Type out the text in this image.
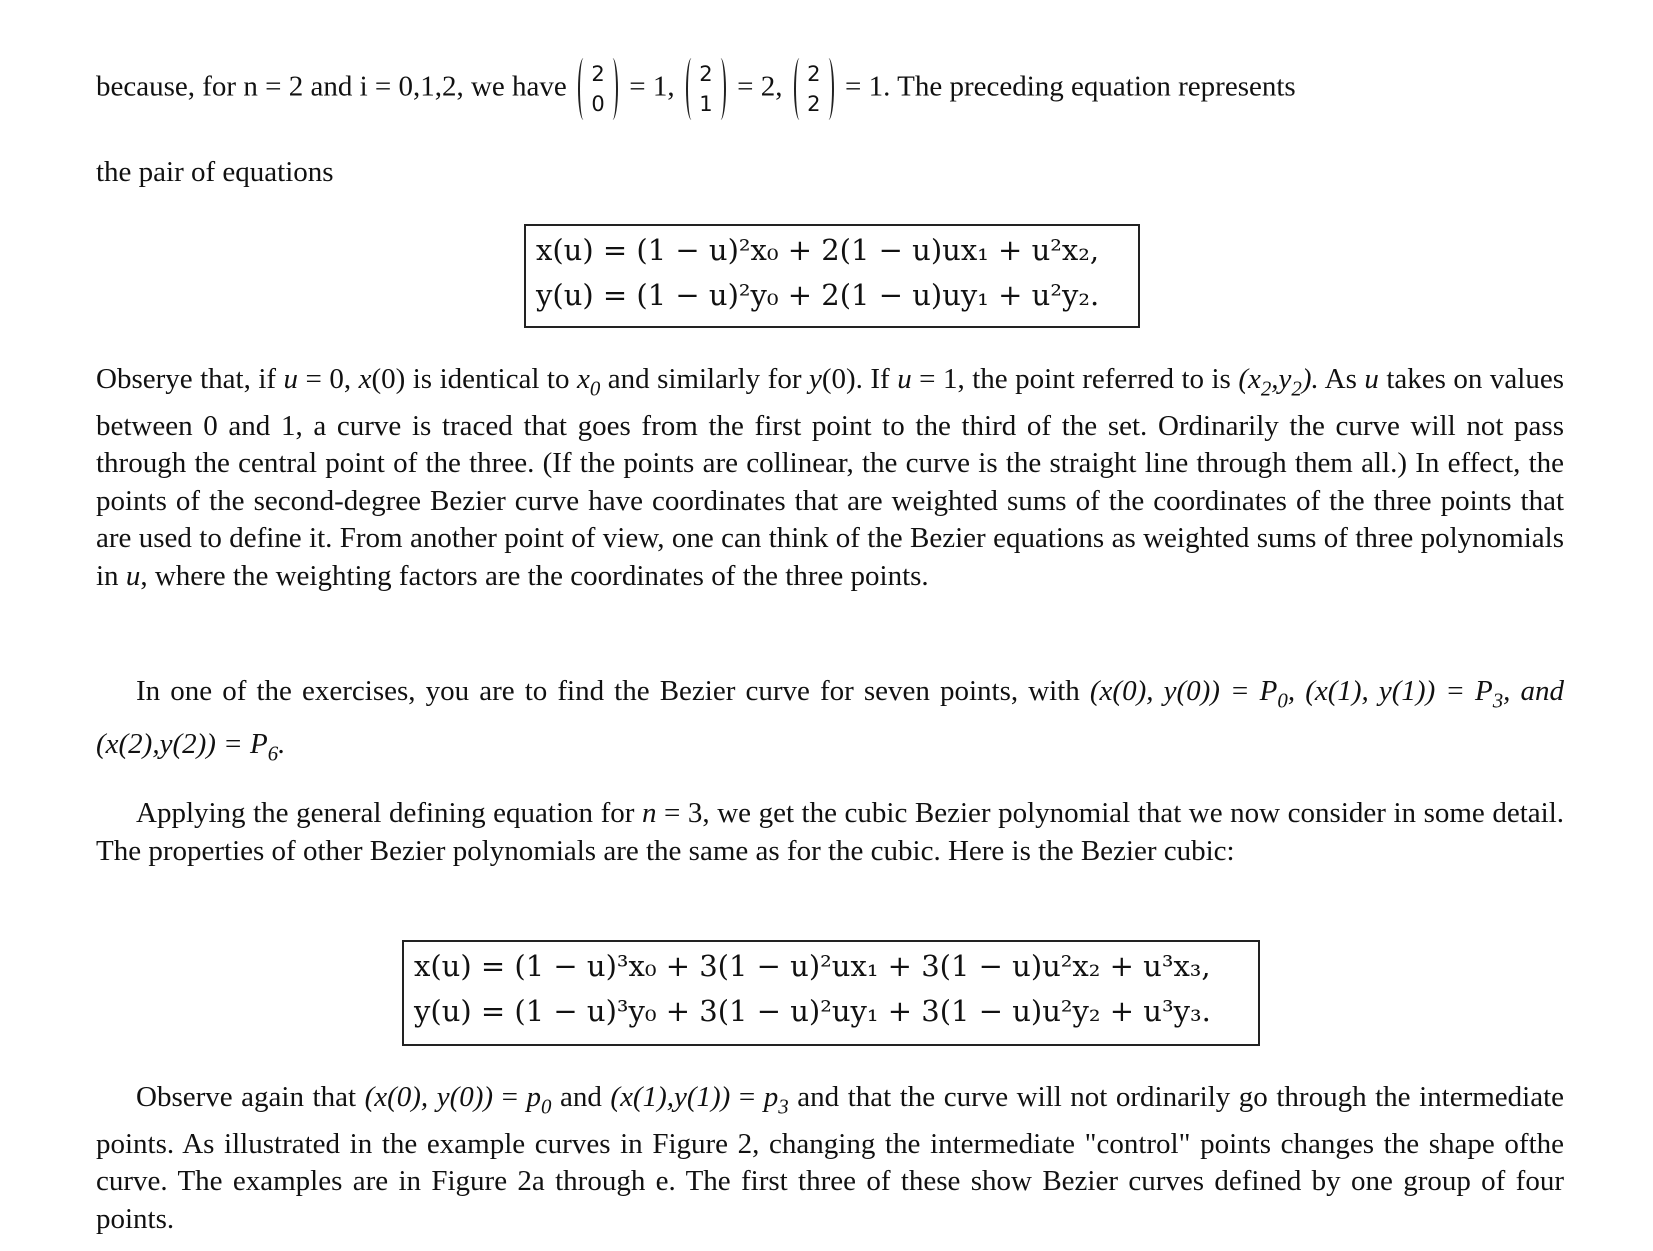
because, for n = 2 and i = 0,1,2, we have	2
0
= 1,	2
1
= 2,	2
2
= 1. The preceding equation represents
the pair of equations
x(u) = (1 − u)²x₀ + 2(1 − u)ux₁ + u²x₂,
y(u) = (1 − u)²y₀ + 2(1 − u)uy₁ + u²y₂.
Obserye that, if u = 0, x(0) is identical to $x_0$ and similarly for y(0). If u = 1, the point referred to is $(x_2,y_2)$. As u takes on values between 0 and 1, a curve is traced that goes from the first point to the third of the set. Ordinarily the curve will not pass through the central point of the three. (If the points are collinear, the curve is the straight line through them all.) In effect, the points of the second-degree Bezier curve have coordinates that are weighted sums of the coordinates of the three points that are used to define it. From another point of view, one can think of the Bezier equations as weighted sums of three polynomials in u, where the weighting factors are the coordinates of the three points.
In one of the exercises, you are to find the Bezier curve for seven points, with (x(0), $y(0)) = P_0$, (x(1), $y(1)) = P_3$, and $(x(2),y(2)) = P_6$.
Applying the general defining equation for n = 3, we get the cubic Bezier polynomial that we now consider in some detail. The properties of other Bezier polynomials are the same as for the cubic. Here is the Bezier cubic:
x(u) = (1 − u)³x₀ + 3(1 − u)²ux₁ + 3(1 − u)u²x₂ + u³x₃,
y(u) = (1 − u)³y₀ + 3(1 − u)²uy₁ + 3(1 − u)u²y₂ + u³y₃.
Observe again that (x(0), $y(0)) = p_0$ and $(x(1),y(1)) = p_3$ and that the curve will not ordinarily go through the intermediate points. As illustrated in the example curves in Figure 2, changing the intermediate "control" points changes the shape ofthe curve. The examples are in Figure 2a through e. The first three of these show Bezier curves defined by one group of four points.
